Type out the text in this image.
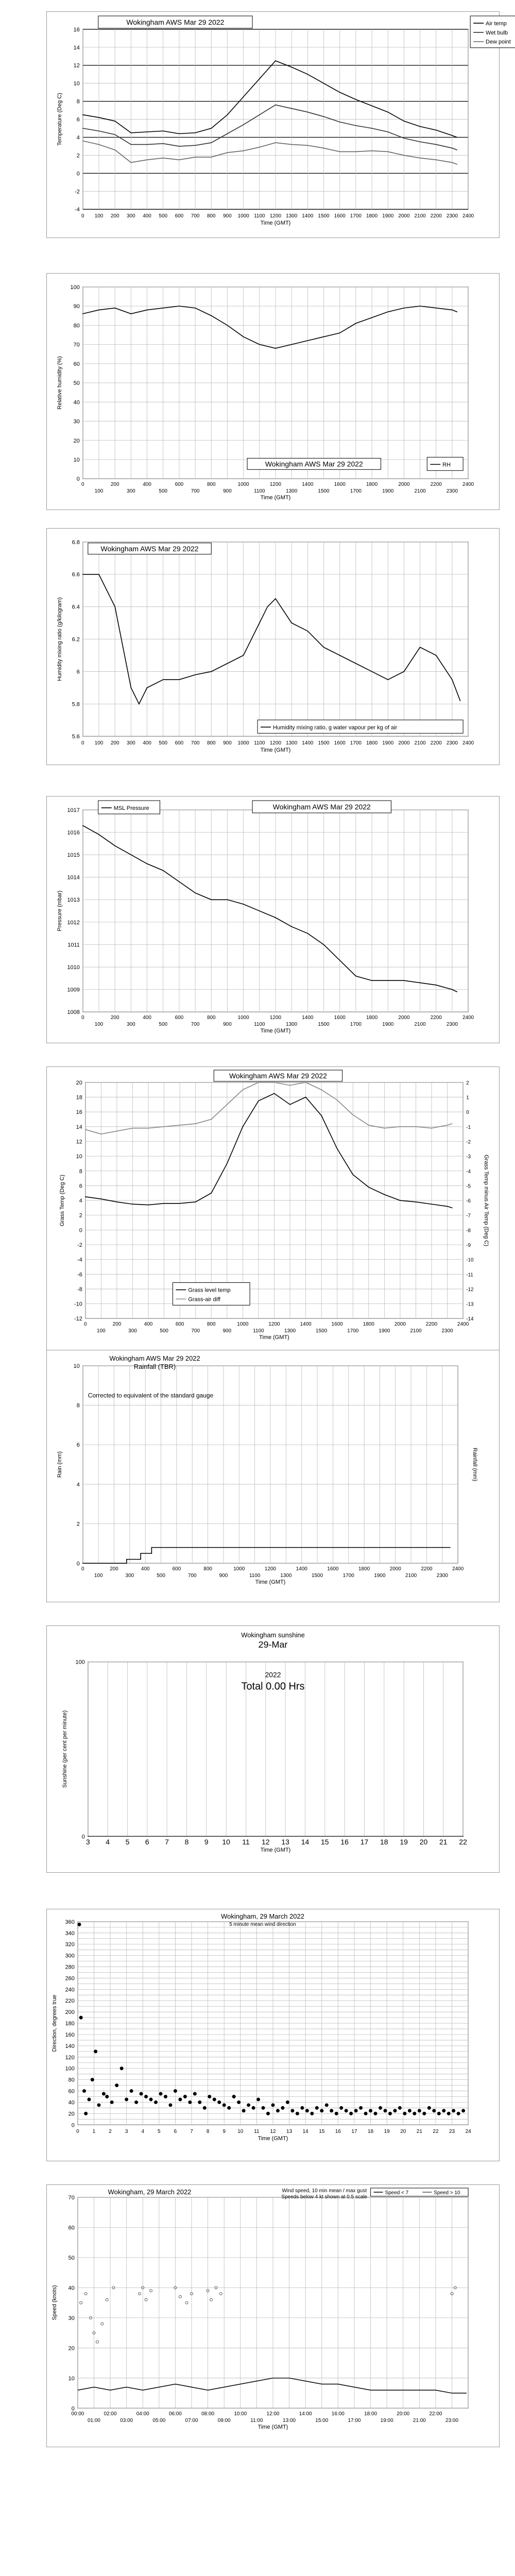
-4
-2
0
2
4
6
8
10
12
14
16
0 100 200 300 400 500 600 700 800 900 1000 1100 1200 1300 1400 1500 1600 1700 1800 1900 2000 2100 2200 2300 2400
Time (GMT)
Temperature (Deg C)
Wokingham AWS Mar 29 2022	Air temp
Wet bulb
Dew point
0
10
20
30
40
50
60
70
80
90
100
0	200	400	600	800	1000	1200	1400	1600	1800	2000	2200	2400
100	300	500	700	900	1100	1300	1500	1700	1900	2100	2300
Time (GMT)
Relative humidity (%)
Wokingham AWS Mar 29 2022	RH
5.6
5.8
6
6.2
6.4
6.6
6.8
0 100 200 300 400 500 600 700 800 900 1000 1100 1200 1300 1400 1500 1600 1700 1800 1900 2000 2100 2200 2300 2400
Time (GMT)
Humidity mixing ratio (g/kilogram)
Wokingham AWS Mar 29 2022
Humidity mixing ratio, g water vapour per kg of air
1008
1009
1010
1011
1012
1013
1014
1015
1016
1017
0	200	400	600	800	1000	1200	1400	1600	1800	2000	2200	2400
100	300	500	700	900	1100	1300	1500	1700	1900	2100	2300
Time (GMT)
Pressure (mbar)
Wokingham AWS Mar 29 2022
MSL Pressure
-12
-10
-8
-6
-4
-2
0
2
4
6
8
10
12
14
16
18
20
0	200	400	600	800	1000	1200	1400	1600	1800	2000	2200	2400
100	300	500	700	900	1100	1300	1500	1700	1900	2100	2300
Time (GMT)
Grass Temp (Deg C)
-14
-13
-12
-11
-10
-9
-8
-7
-6
-5
-4
-3
-2
-1
0
1
2
Grass Temp minus Air Temp (Deg C)
Wokingham AWS Mar 29 2022
Grass level temp
Grass-air diff
0
2
4
6
8
10
0	200	400	600	800	1000	1200	1400	1600	1800	2000	2200	2400
100	300	500	700	900	1100	1300	1500	1700	1900	2100	2300
Time (GMT)
Rain (mm)	Rainfall (mm)
Wokingham AWS Mar 29 2022
Rainfall (TBR)
Corrected to equivalent of the standard gauge
0
100
3 4 5 6 7 8 9 10 11 12 13 14 15 16 17 18 19 20 21 22
Time (GMT)
Sunshine (per cent per minute)
Wokingham sunshine
29-Mar
2022
Total 0.00 Hrs
0
20
40
60
80
100
120
140
160
180
200
220
240
260
280
300
320
340
360
0	1	2	3	4	5	6	7	8	9 10 11 12 13 14 15 16 17 18 19 20 21 22 23 24
Time (GMT)
Direction, degrees true
Wokingham, 29 March 2022
5 minute mean wind direction
0
10
20
30
40
50
60
70
00:00	02:00	04:00	06:00	08:00	10:00	12:00	14:00	16:00	18:00	20:00	22:00
01:00	03:00	05:00	07:00	09:00	11:00	13:00	15:00	17:00	19:00	21:00	23:00
Time (GMT)
Speed (knots)
Wokingham, 29 March 2022	Wind speed, 10 min mean / max gust
Speeds below 4 kt shown at 0.5 scale
Speed < 7	Speed > 10
